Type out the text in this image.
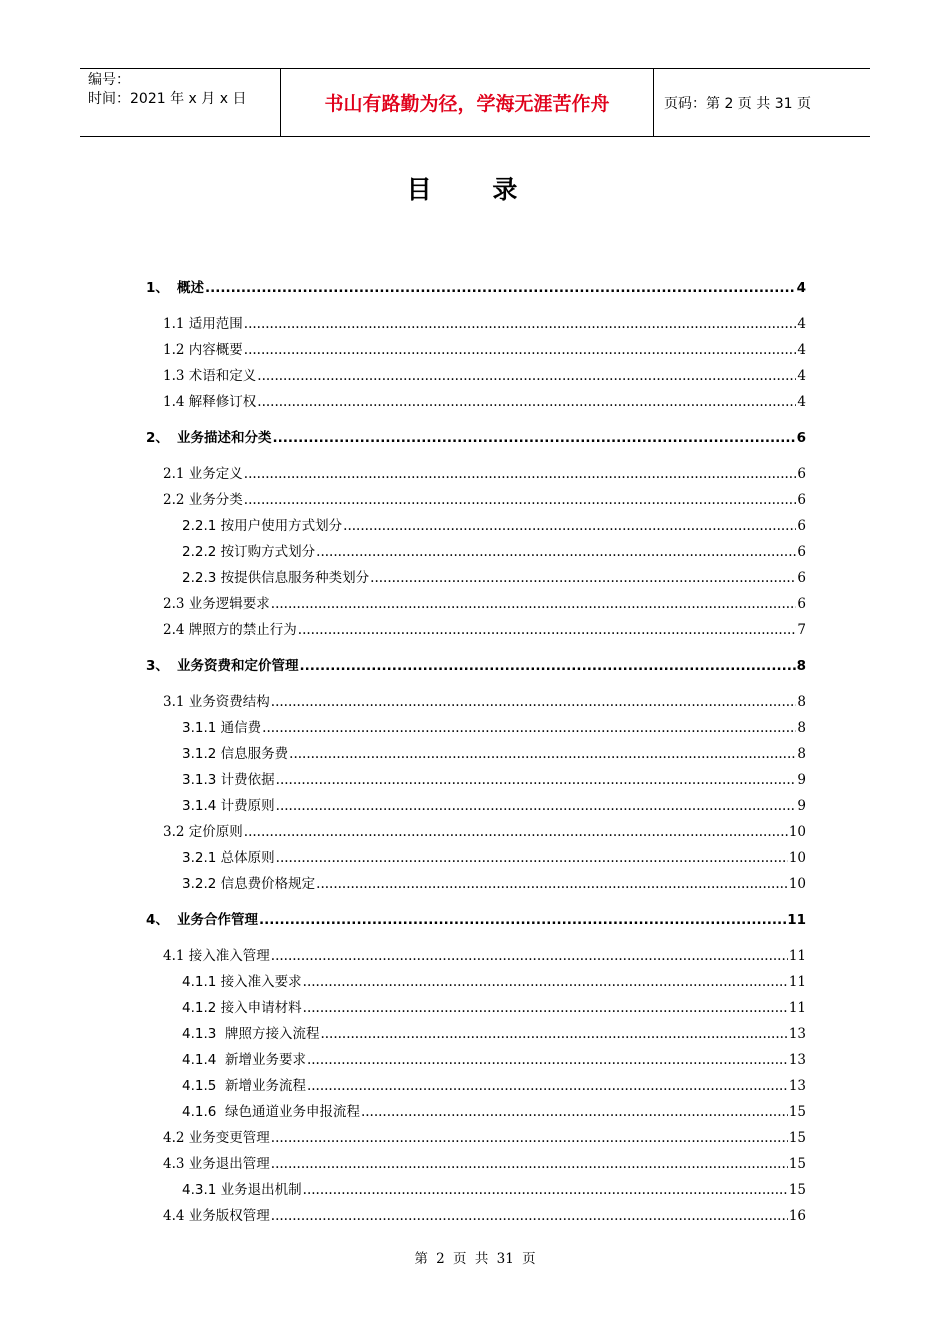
编号：
时间：2021 年 x 月 x 日	书山有路勤为径，学海无涯苦作舟	页码：第 2 页 共 31 页
目 录
1、 概述 .....	4
1.1 适用范围 .....	4
1.2 内容概要 .....	4
1.3 术语和定义 .....	4
1.4 解释修订权 .....	4
2、 业务描述和分类 .....	6
2.1 业务定义 .....	6
2.2 业务分类 .....	6
2.2.1 按用户使用方式划分 .....	6
2.2.2 按订购方式划分 .....	6
2.2.3 按提供信息服务种类划分 .....	6
2.3 业务逻辑要求 .....	6
2.4 牌照方的禁止行为 .....	7
3、 业务资费和定价管理 .....	8
3.1 业务资费结构 .....	8
3.1.1 通信费 .....	8
3.1.2 信息服务费 .....	8
3.1.3 计费依据 .....	9
3.1.4 计费原则 .....	9
3.2 定价原则 .....	10
3.2.1 总体原则 .....	10
3.2.2 信息费价格规定 .....	10
4、 业务合作管理 .....	11
4.1 接入准入管理 .....	11
4.1.1 接入准入要求 .....	11
4.1.2 接入申请材料 .....	11
4.1.3  牌照方接入流程 .....	13
4.1.4  新增业务要求 .....	13
4.1.5  新增业务流程 .....	13
4.1.6  绿色通道业务申报流程 .....	15
4.2 业务变更管理 .....	15
4.3 业务退出管理 .....	15
4.3.1 业务退出机制 .....	15
4.4 业务版权管理 .....	16
第 2 页 共 31 页
